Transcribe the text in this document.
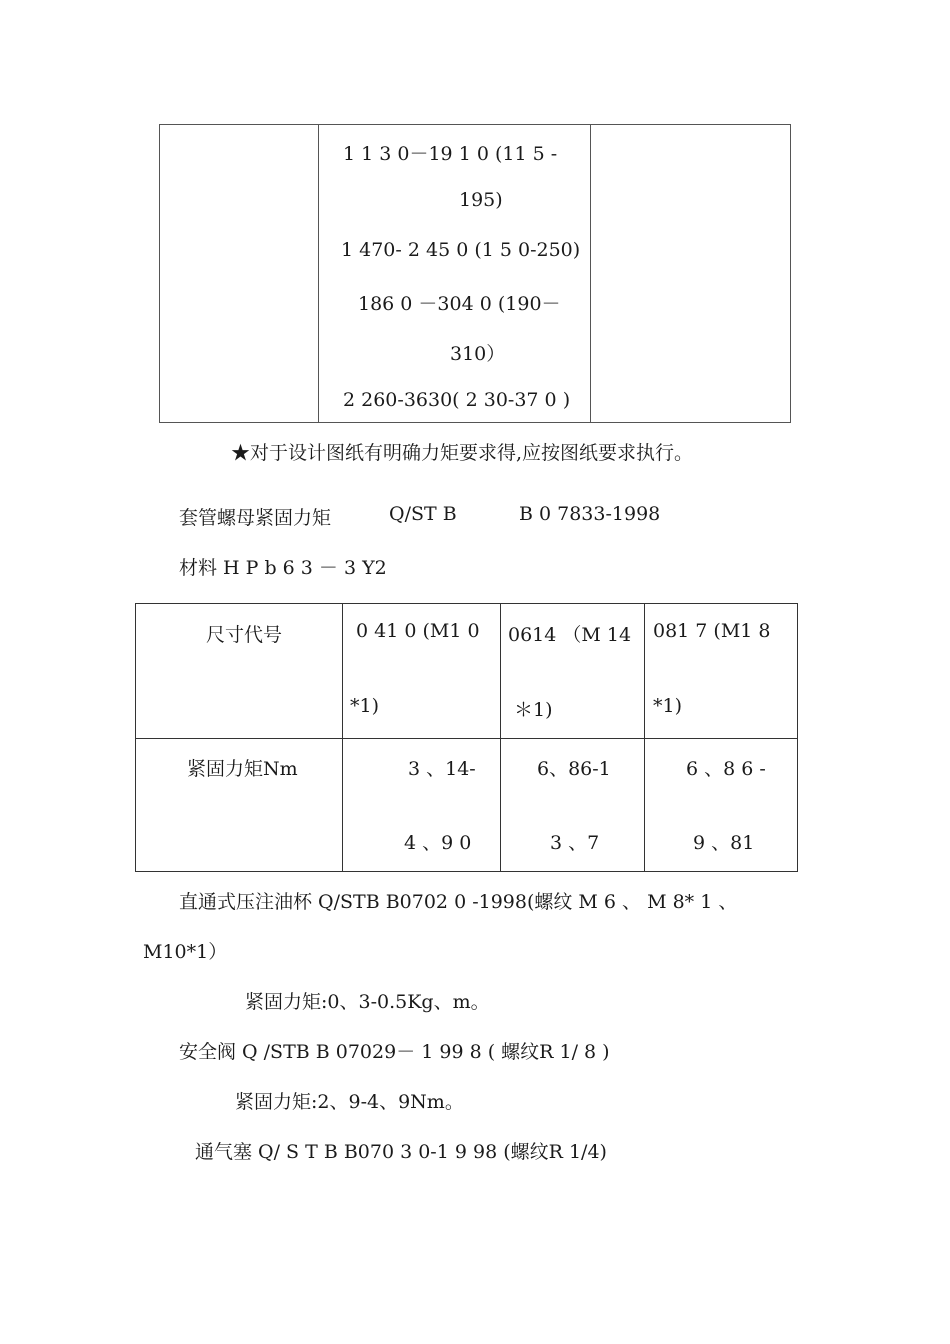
1 1 3 0－19 1 0 (11 5 -
195)
1 470- 2 45 0 (1 5 0-250)
186 0 －304 0 (190－
310）
2 260-3630( 2 30-37 0 )
★对于设计图纸有明确力矩要求得,应按图纸要求执行。
套管螺母紧固力矩	Q/ST B	B 0 7833-1998
材料 H P b 6 3 － 3 Y2
尺寸代号
紧固力矩Nm
0 41 0 (M1 0
*1)
0614 （M 14
＊1)
081 7 (M1 8
*1)
3 、14-
4 、9 0
6、86-1
3 、7
6 、8 6 -
9 、81
直通式压注油杯 Q/STB B0702 0 -1998(螺纹 M 6 、 M 8* 1 、
M10*1）
紧固力矩:0、3-0.5Kg、m。
安全阀 Q /STB B 07029－ 1 99 8 ( 螺纹R 1/ 8 )
紧固力矩:2、9-4、9Nm。
通气塞 Q/ S T B B070 3 0-1 9 98 (螺纹R 1/4)
